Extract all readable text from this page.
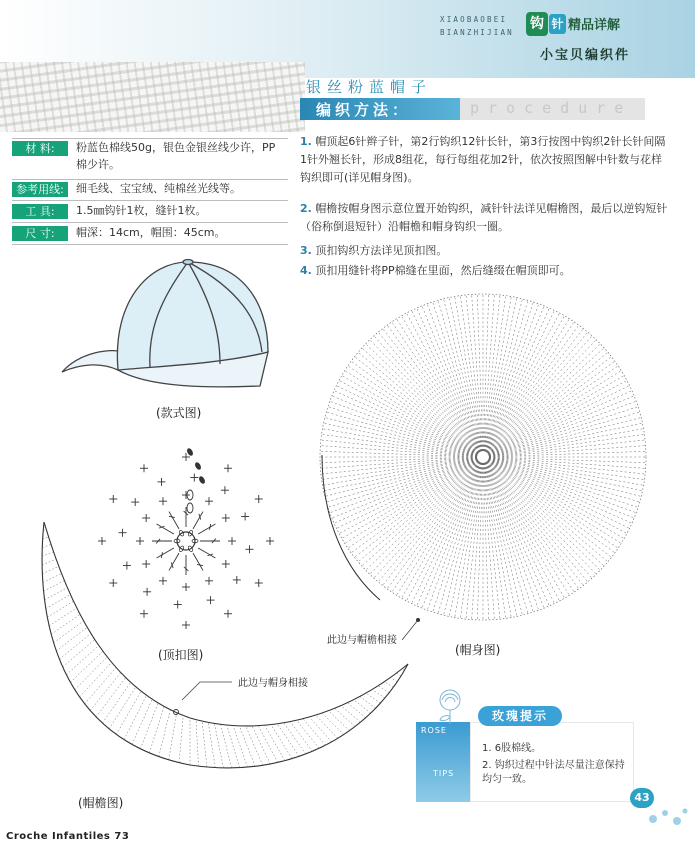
XIAOBAOBEI
BIANZHIJIAN
钩 针 精品详解
小宝贝编织件
银丝粉蓝帽子
编织方法：	procedure
材 料:	粉蓝色棉线50g，银色金银丝线少许，PP
棉少许。
参考用线:	细毛线、宝宝绒、纯棉丝光线等。
工 具:	1.5㎜钩针1枚，缝针1枚。
尺 寸:	帽深：14cm，帽围：45cm。
1. 帽顶起6针辫子针，第2行钩织12针长针，第3行按图中钩织2针长针间隔1针外翘长针，形成8组花，每行每组花加2针，依次按照图解中针数与花样钩织即可(详见帽身图)。
2. 帽檐按帽身图示意位置开始钩织，减针针法详见帽檐图，最后以逆钩短针（俗称倒退短针）沿帽檐和帽身钩织一圈。
3. 顶扣钩织方法详见顶扣图。
4. 顶扣用缝针将PP棉缝在里面，然后缝缀在帽顶即可。
(款式图)
(顶扣图)	(帽身图)
(帽檐图)
此边与帽檐相接
此边与帽身相接
ROSE
TIPS
玫瑰提示
1. 6股棉线。
2. 钩织过程中针法尽量注意保持均匀一致。
43
Croche Infantiles 73
